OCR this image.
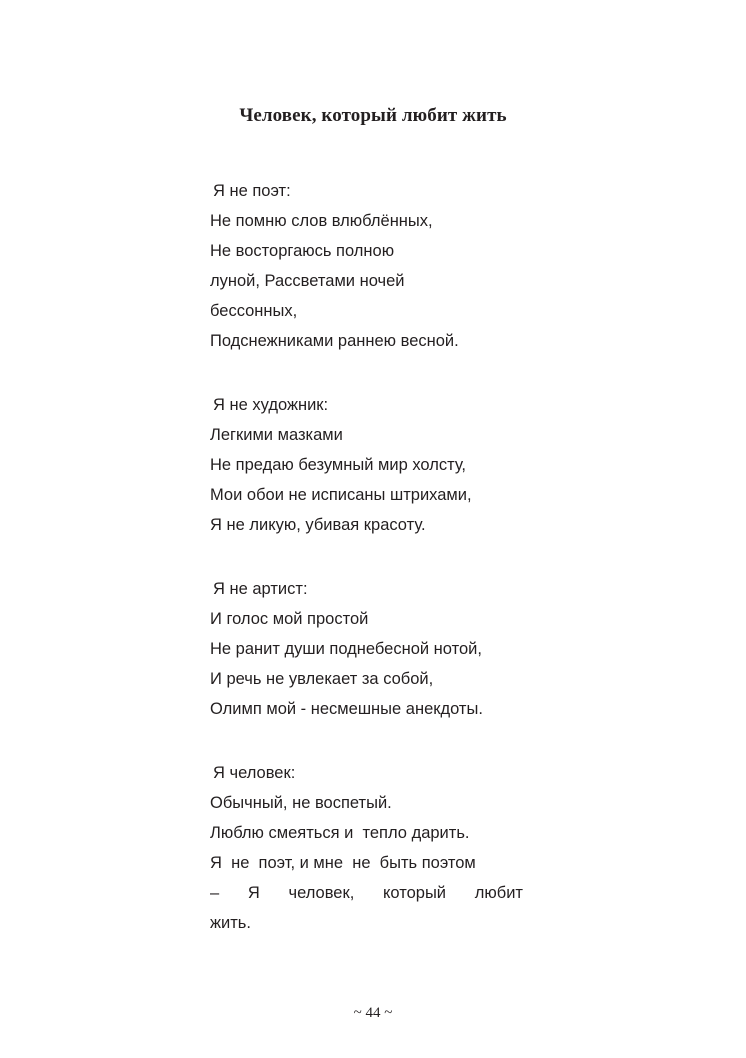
Человек, который любит жить
Я не поэт:
Не помню слов влюблённых,
Не восторгаюсь полною
луной, Рассветами ночей
бессонных,
Подснежниками раннею весной.
Я не художник:
Легкими мазками
Не предаю безумный мир холсту,
Мои обои не исписаны штрихами,
Я не ликую, убивая красоту.
Я не артист:
И голос мой простой
Не ранит души поднебесной нотой,
И речь не увлекает за собой,
Олимп мой - несмешные анекдоты.
Я человек:
Обычный, не воспетый.
Люблю смеяться и  тепло дарить.
Я  не  поэт, и мне  не  быть поэтом
– Я человек, который любит
жить.
~ 44 ~
